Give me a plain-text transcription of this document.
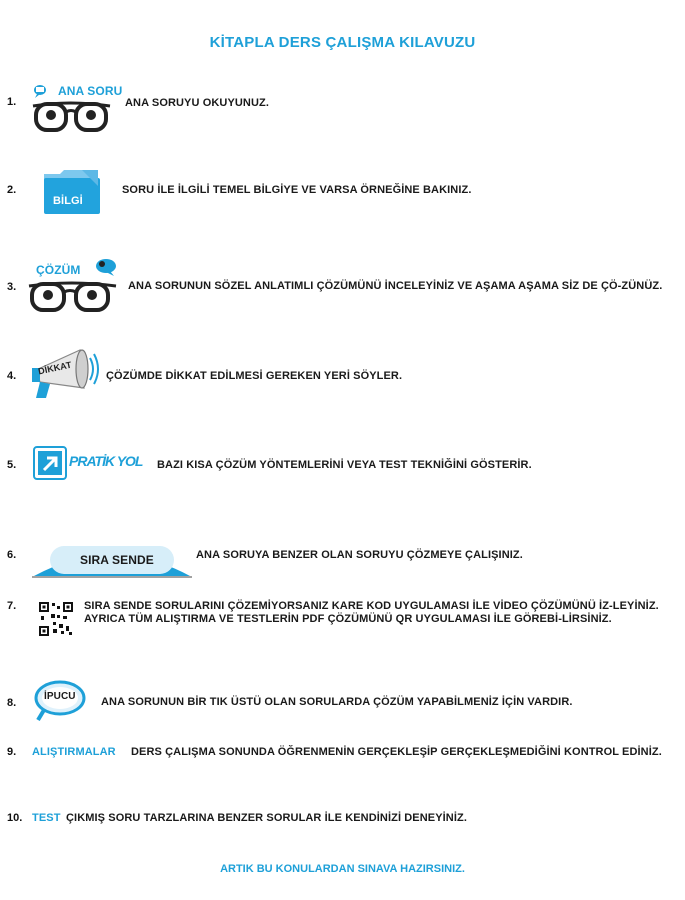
KİTAPLA DERS ÇALIŞMA KILAVUZU
1.
ANA SORU
ANA SORUYU OKUYUNUZ.
2.
BİLGİ
SORU İLE İLGİLİ TEMEL BİLGİYE VE VARSA ÖRNEĞİNE BAKINIZ.
3.
ÇÖZÜM
ANA SORUNUN SÖZEL ANLATIMLI ÇÖZÜMÜNÜ İNCELEYİNİZ VE AŞAMA AŞAMA SİZ DE ÇÖ-ZÜNÜZ.
4. DİKKAT	ÇÖZÜMDE DİKKAT EDİLMESİ GEREKEN YERİ SÖYLER.
5.	PRATİK YOL BAZI KISA ÇÖZÜM YÖNTEMLERİNİ VEYA TEST TEKNİĞİNİ GÖSTERİR.
6.	SIRA SENDE	ANA SORUYA BENZER OLAN SORUYU ÇÖZMEYE ÇALIŞINIZ.
7.	SIRA SENDE SORULARINI ÇÖZEMİYORSANIZ KARE KOD UYGULAMASI İLE VİDEO ÇÖZÜMÜNÜ İZ-LEYİNİZ. AYRICA TÜM ALIŞTIRMA VE TESTLERİN PDF ÇÖZÜMÜNÜ QR UYGULAMASI İLE GÖREBİ-LİRSİNİZ.
8.
İPUCU ANA SORUNUN BİR TIK ÜSTÜ OLAN SORULARDA ÇÖZÜM YAPABİLMENİZ İÇİN VARDIR.
9. ALIŞTIRMALAR DERS ÇALIŞMA SONUNDA ÖĞRENMENİN GERÇEKLEŞİP GERÇEKLEŞMEDİĞİNİ KONTROL EDİNİZ.
10. TEST ÇIKMIŞ SORU TARZLARINA BENZER SORULAR İLE KENDİNİZİ DENEYİNİZ.
ARTIK BU KONULARDAN SINAVA HAZIRSINIZ.
